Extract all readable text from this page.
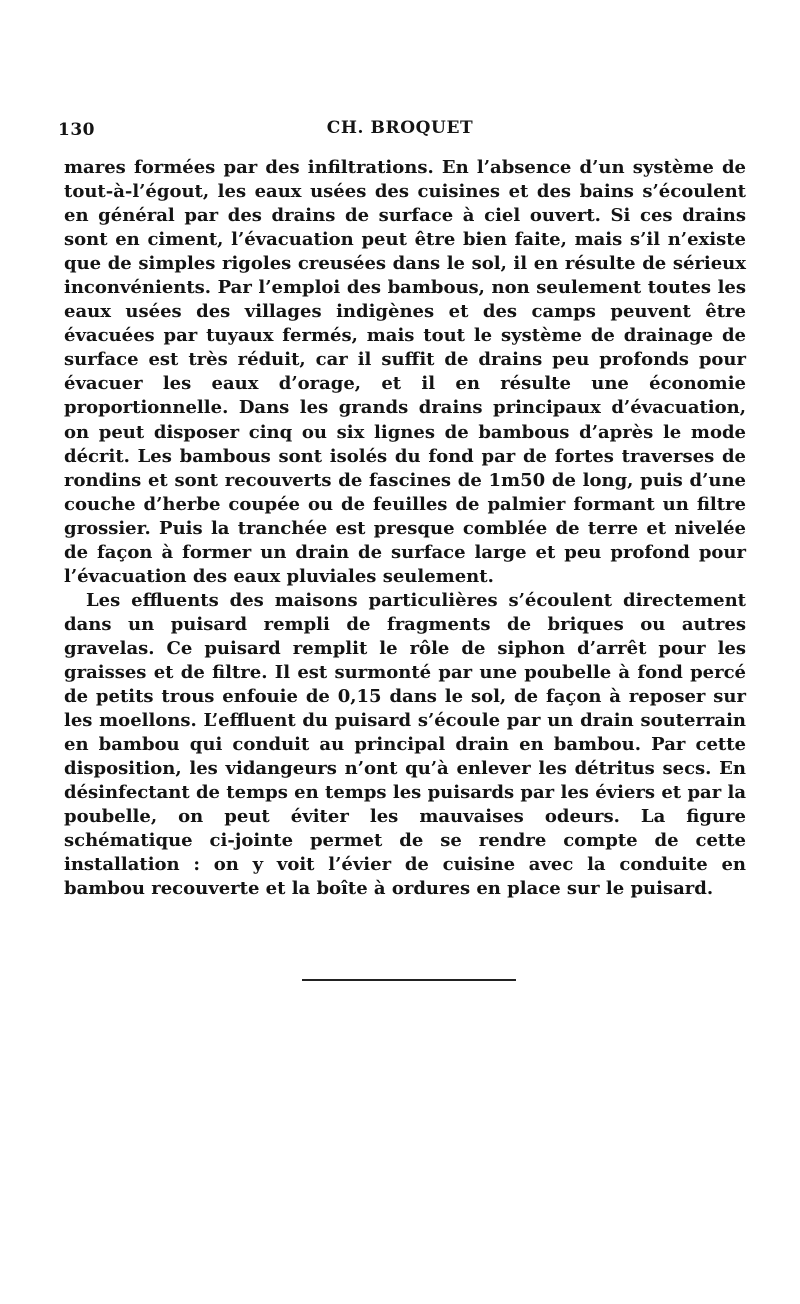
130	CH. BROQUET

mares formées par des infiltrations. En l’absence d’un système de tout-à-l’égout, les eaux usées des cuisines et des bains s’écoulent en général par des drains de surface à ciel ouvert. Si ces drains sont en ciment, l’évacuation peut être bien faite, mais s’il n’existe que de simples rigoles creusées dans le sol, il en résulte de sérieux inconvénients. Par l’emploi des bambous, non seulement toutes les eaux usées des villages indigènes et des camps peuvent être évacuées par tuyaux fermés, mais tout le système de drainage de surface est très réduit, car il suffit de drains peu profonds pour évacuer les eaux d’orage, et il en résulte une économie proportionnelle. Dans les grands drains principaux d’évacuation, on peut disposer cinq ou six lignes de bambous d’après le mode décrit. Les bambous sont isolés du fond par de fortes traverses de rondins et sont recouverts de fascines de 1m50 de long, puis d’une couche d’herbe coupée ou de feuilles de palmier formant un filtre grossier. Puis la tranchée est presque comblée de terre et nivelée de façon à former un drain de surface large et peu profond pour l’évacuation des eaux pluviales seulement.

Les effluents des maisons particulières s’écoulent directement dans un puisard rempli de fragments de briques ou autres gravelas. Ce puisard remplit le rôle de siphon d’arrêt pour les graisses et de filtre. Il est surmonté par une poubelle à fond percé de petits trous enfouie de 0,15 dans le sol, de façon à reposer sur les moellons. L’effluent du puisard s’écoule par un drain souterrain en bambou qui conduit au principal drain en bambou. Par cette disposition, les vidangeurs n’ont qu’à enlever les détritus secs. En désinfectant de temps en temps les puisards par les éviers et par la poubelle, on peut éviter les mauvaises odeurs. La figure schématique ci-jointe permet de se rendre compte de cette installation : on y voit l’évier de cuisine avec la conduite en bambou recouverte et la boîte à ordures en place sur le puisard.
